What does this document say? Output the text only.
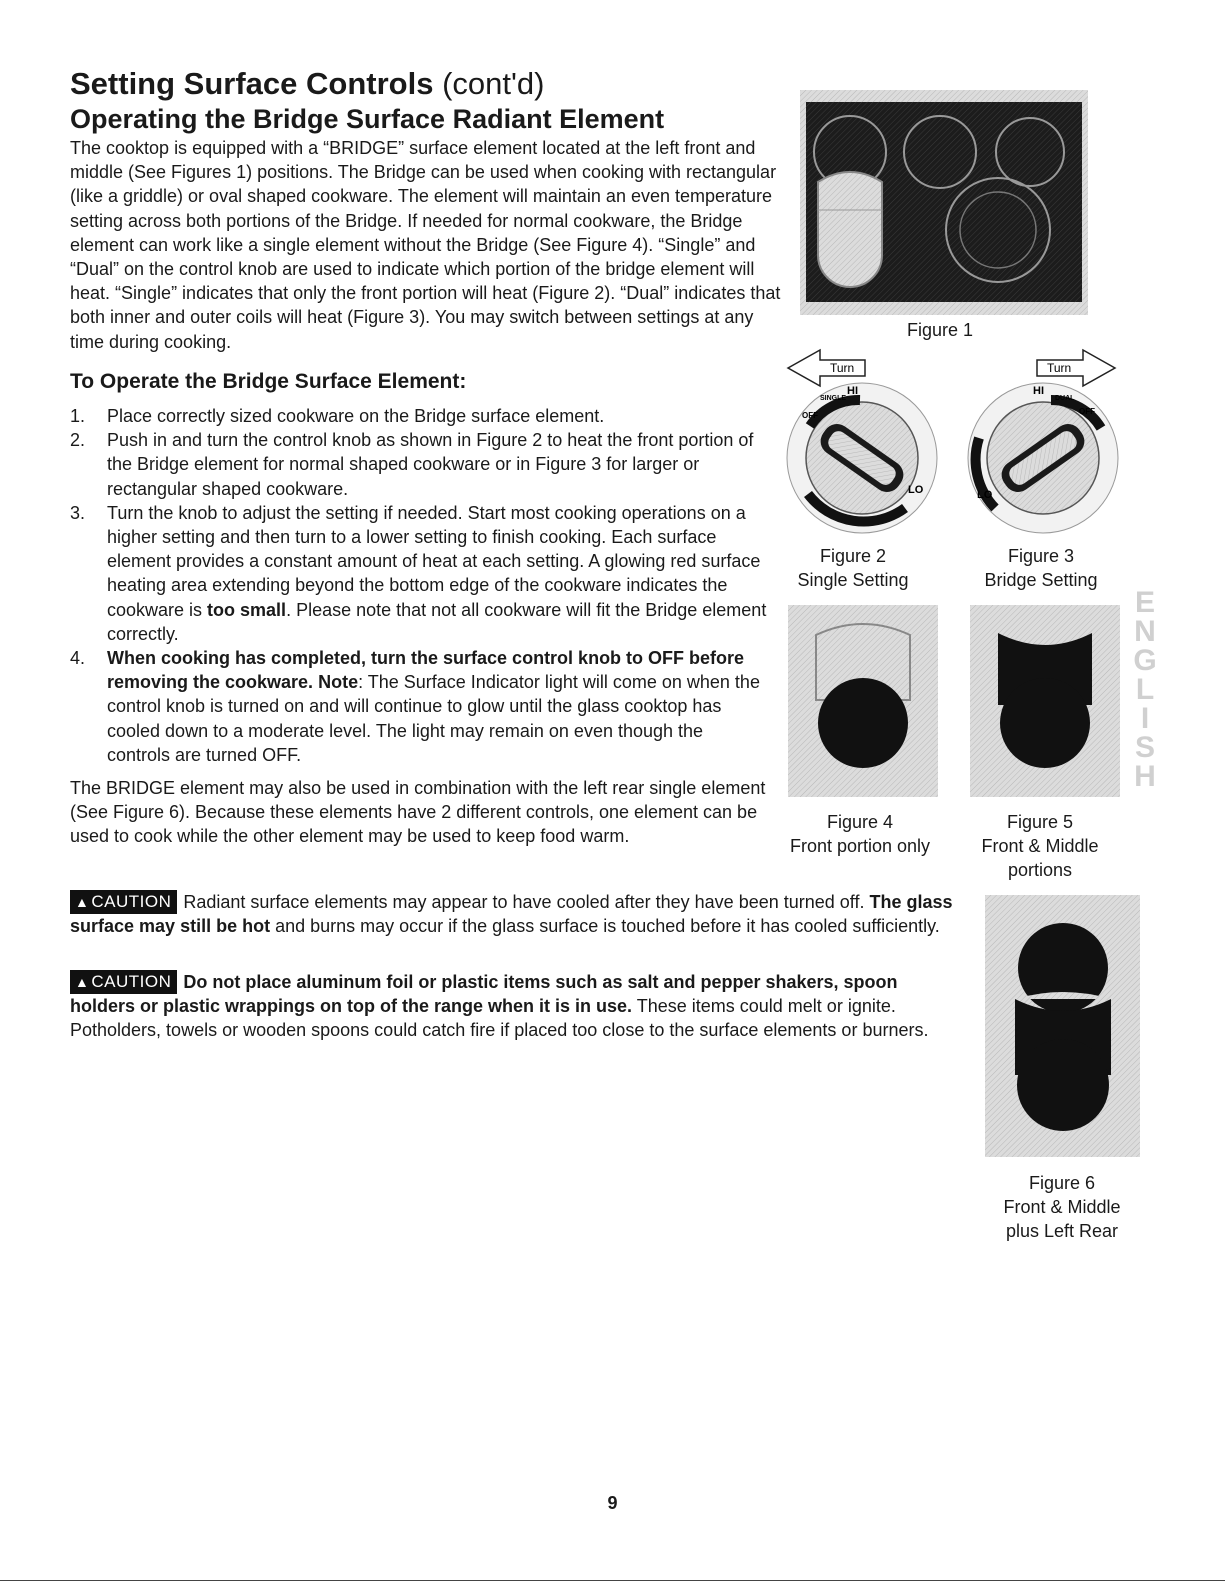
Setting Surface Controls (cont'd)
Operating the Bridge Surface Radiant Element

The cooktop is equipped with a “BRIDGE” surface element located at the left front and middle (See Figures 1) positions. The Bridge can be used when cooking with rectangular (like a griddle) or oval shaped cookware. The element will maintain an even temperature setting across both portions of the Bridge. If needed for normal cookware, the Bridge element can work like a single element without the Bridge (See Figure 4). “Single” and “Dual” on the control knob are used to indicate which portion of the bridge element will heat. “Single” indicates that only the front portion will heat (Figure 2). “Dual” indicates that both inner and outer coils will heat (Figure 3). You may switch between settings at any time during cooking.

To Operate the Bridge Surface Element:
1. Place correctly sized cookware on the Bridge surface element.
2. Push in and turn the control knob as shown in Figure 2 to heat the front portion of the Bridge element for normal shaped cookware or in Figure 3 for larger or rectangular shaped cookware.
3. Turn the knob to adjust the setting if needed. Start most cooking operations on a higher setting and then turn to a lower setting to finish cooking. Each surface element provides a constant amount of heat at each setting. A glowing red surface heating area extending beyond the bottom edge of the cookware indicates the cookware is too small. Please note that not all cookware will fit the Bridge element correctly.
4. When cooking has completed, turn the surface control knob to OFF before removing the cookware. Note: The Surface Indicator light will come on when the control knob is turned on and will continue to glow until the glass cooktop has cooled down to a moderate level. The light may remain on even though the controls are turned OFF.

The BRIDGE element may also be used in combination with the left rear single element (See Figure 6). Because these elements have 2 different controls, one element can be used to cook while the other element may be used to keep food warm.

▲ CAUTION Radiant surface elements may appear to have cooled after they have been turned off. The glass surface may still be hot and burns may occur if the glass surface is touched before it has cooled sufficiently.

▲ CAUTION Do not place aluminum foil or plastic items such as salt and pepper shakers, spoon holders or plastic wrappings on top of the range when it is in use. These items could melt or ignite. Potholders, towels or wooden spoons could catch fire if placed too close to the surface elements or burners.

Figure 1
Turn
HI
SINGLE
OFF
LO
Figure 2
Single Setting
Turn
HI
DUAL
OFF
LO
Figure 3
Bridge Setting
Figure 4
Front portion only
Figure 5
Front & Middle
portions
Figure 6
Front & Middle
plus Left Rear
E
N
G
L
I
S
H
9
